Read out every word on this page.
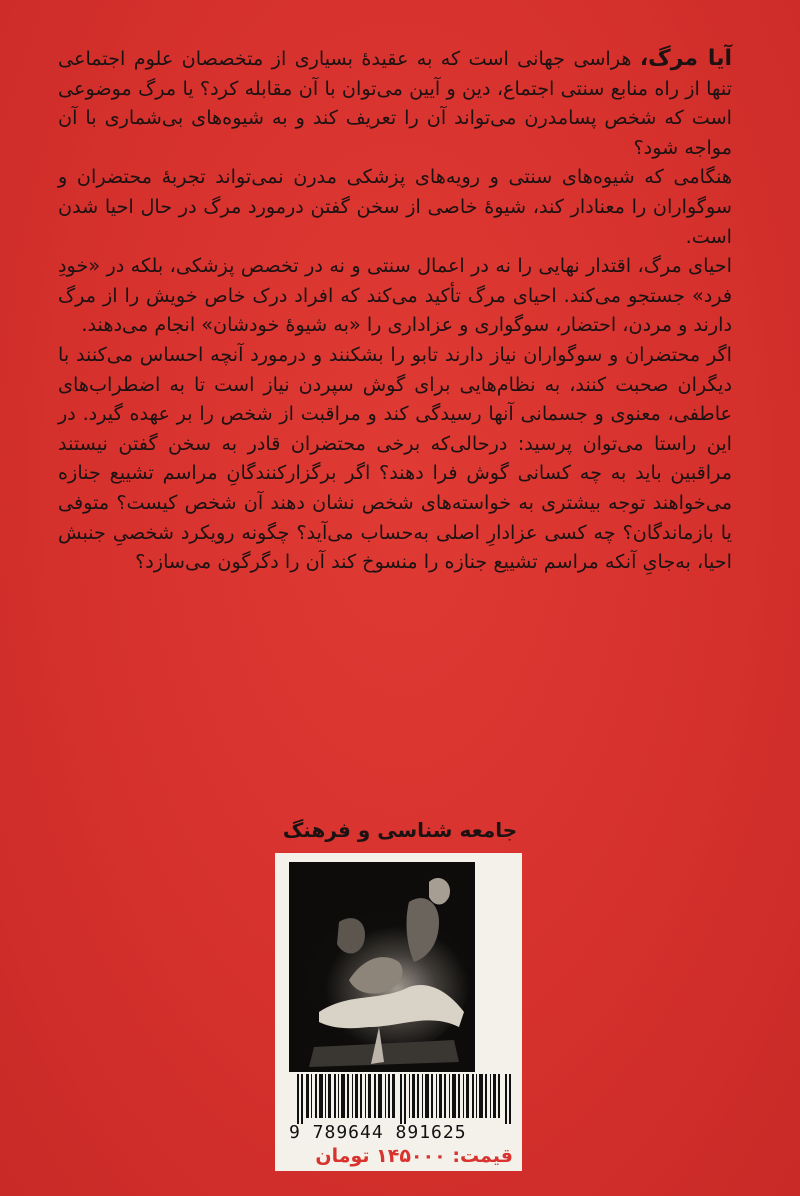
آیا مرگ، هراسی جهانی است که به عقیدهٔ بسیاری از متخصصان علوم اجتماعی تنها از راه منابع سنتی اجتماع، دین و آیین می‌توان با آن مقابله کرد؟ یا مرگ موضوعی است که شخص پسامدرن می‌تواند آن را تعریف کند و به شیوه‌های بی‌شماری با آن مواجه شود؟

هنگامی که شیوه‌های سنتی و رویه‌های پزشکی مدرن نمی‌تواند تجربهٔ محتضران و سوگواران را معنادار کند، شیوهٔ خاصی از سخن گفتن درمورد مرگ در حال احیا شدن است.

احیای مرگ، اقتدار نهایی را نه در اعمال سنتی و نه در تخصص پزشکی، بلکه در «خودِ فرد» جستجو می‌کند. احیای مرگ تأکید می‌کند که افراد درک خاص خویش را از مرگ دارند و مردن، احتضار، سوگواری و عزاداری را «به شیوهٔ خودشان» انجام می‌دهند.

اگر محتضران و سوگواران نیاز دارند تابو را بشکنند و درمورد آنچه احساس می‌کنند با دیگران صحبت کنند، به نظام‌هایی برای گوش سپردن نیاز است تا به اضطراب‌های عاطفی، معنوی و جسمانی آنها رسیدگی کند و مراقبت از شخص را بر عهده گیرد. در این راستا می‌توان پرسید: درحالی‌که برخی محتضران قادر به سخن گفتن نیستند مراقبین باید به چه کسانی گوش فرا دهند؟ اگر برگزارکنندگانِ مراسم تشییع جنازه می‌خواهند توجه بیشتری به خواسته‌های شخص نشان دهند آن شخص کیست؟ متوفی یا بازماندگان؟ چه کسی عزادارِ اصلی به‌حساب می‌آید؟ چگونه رویکرد شخصیِ جنبش احیا، به‌جایِ آنکه مراسم تشییع جنازه را منسوخ کند آن را دگرگون می‌سازد؟

جامعه شناسی و فرهنگ
9 789644 891625
قیمت: ۱۴۵۰۰۰ تومان
